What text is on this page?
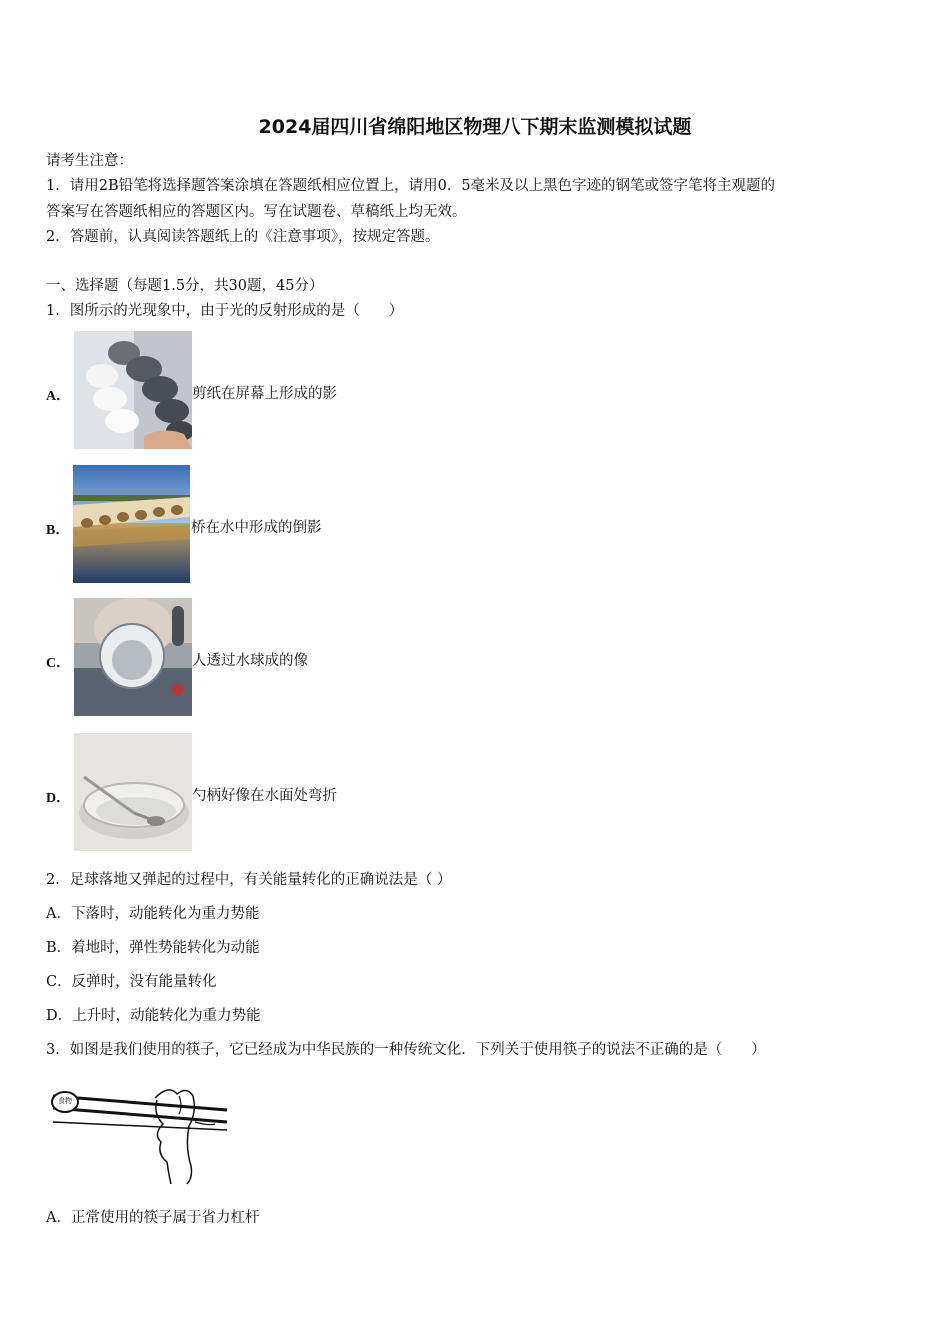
2024届四川省绵阳地区物理八下期末监测模拟试题
请考生注意：
1．请用2B铅笔将选择题答案涂填在答题纸相应位置上，请用0．5毫米及以上黑色字迹的钢笔或签字笔将主观题的
答案写在答题纸相应的答题区内。写在试题卷、草稿纸上均无效。
2．答题前，认真阅读答题纸上的《注意事项》，按规定答题。
一、选择题（每题1.5分，共30题，45分）
1．图所示的光现象中，由于光的反射形成的是（　　）
A．	剪纸在屏幕上形成的影
B．	桥在水中形成的倒影
C．	人透过水球成的像
D．	勺柄好像在水面处弯折
2．足球落地又弹起的过程中，有关能量转化的正确说法是（ ）
A．下落时，动能转化为重力势能
B．着地时，弹性势能转化为动能
C．反弹时，没有能量转化
D．上升时，动能转化为重力势能
3．如图是我们使用的筷子，它已经成为中华民族的一种传统文化．下列关于使用筷子的说法不正确的是（　　）
食物
A．正常使用的筷子属于省力杠杆
